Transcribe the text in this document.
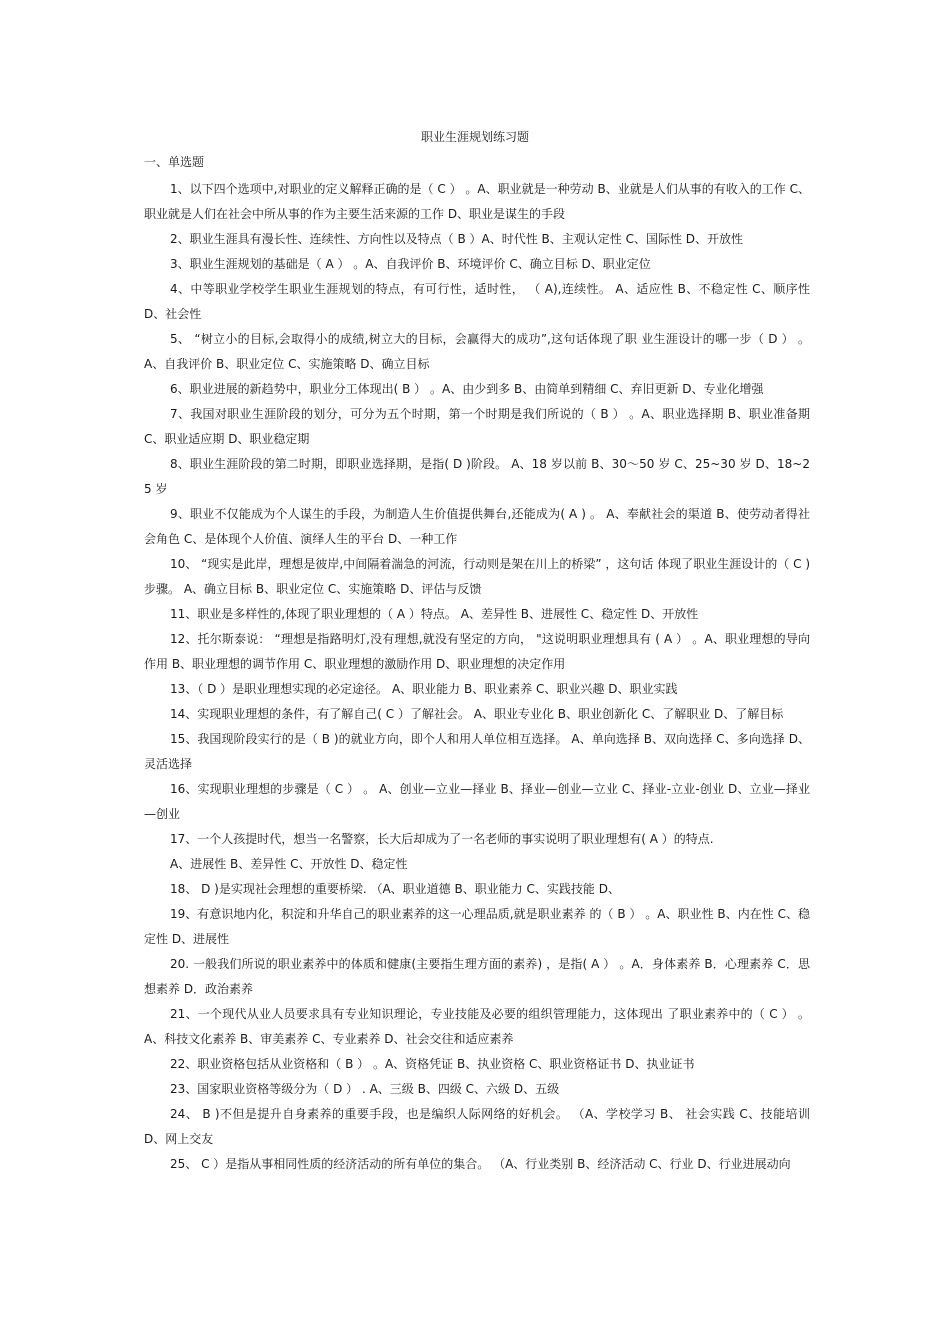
职业生涯规划练习题
一、单选题

1、以下四个选项中,对职业的定义解释正确的是（ C ） 。A、职业就是一种劳动 B、业就是人们从事的有收入的工作 C、职业就是人们在社会中所从事的作为主要生活来源的工作 D、职业是谋生的手段

2、职业生涯具有漫长性、连续性、方向性以及特点（ B ）A、时代性 B、主观认定性 C、国际性 D、开放性

3、职业生涯规划的基础是（ A ） 。A、自我评价 B、环境评价 C、确立目标 D、职业定位

4、中等职业学校学生职业生涯规划的特点，有可行性，适时性， （ A),连续性。 A、适应性 B、不稳定性 C、顺序性 D、社会性

5、 “树立小的目标,会取得小的成绩,树立大的目标，会赢得大的成功”,这句话体现了职 业生涯设计的哪一步（ D ） 。A、自我评价 B、职业定位 C、实施策略 D、确立目标

6、职业进展的新趋势中，职业分工体现出( B ） 。A、由少到多 B、由简单到精细 C、弃旧更新 D、专业化增强

7、我国对职业生涯阶段的划分，可分为五个时期，第一个时期是我们所说的（ B ） 。A、职业选择期 B、职业准备期 C、职业适应期 D、职业稳定期

8、职业生涯阶段的第二时期，即职业选择期，是指( D )阶段。 A、18 岁以前 B、30～50 岁 C、25~30 岁 D、18~25 岁

9、职业不仅能成为个人谋生的手段，为制造人生价值提供舞台,还能成为( A ) 。 A、奉献社会的渠道 B、使劳动者得社会角色 C、是体现个人价值、演绎人生的平台 D、一种工作

10、 “现实是此岸，理想是彼岸,中间隔着湍急的河流，行动则是架在川上的桥梁” ，这句话 体现了职业生涯设计的（ C )步骤。 A、确立目标 B、职业定位 C、实施策略 D、评估与反馈

11、职业是多样性的,体现了职业理想的（ A ）特点。 A、差异性 B、进展性 C、稳定性 D、开放性

12、托尔斯泰说： “理想是指路明灯,没有理想,就没有坚定的方向， "这说明职业理想具有 ( A ） 。A、职业理想的导向作用 B、职业理想的调节作用 C、职业理想的激励作用 D、职业理想的决定作用

13、（ D ）是职业理想实现的必定途径。 A、职业能力 B、职业素养 C、职业兴趣 D、职业实践

14、实现职业理想的条件，有了解自己( C ）了解社会。 A、职业专业化 B、职业创新化 C、了解职业 D、了解目标

15、我国现阶段实行的是（ B )的就业方向，即个人和用人单位相互选择。 A、单向选择 B、双向选择 C、多向选择 D、灵活选择

16、实现职业理想的步骤是（ C ） 。 A、创业—立业—择业 B、择业—创业—立业 C、择业-立业-创业 D、立业—择业—创业

17、一个人孩提时代，想当一名警察，长大后却成为了一名老师的事实说明了职业理想有( A ）的特点.

A、进展性 B、差异性 C、开放性 D、稳定性

18、 D )是实现社会理想的重要桥梁. （A、职业道德 B、职业能力 C、实践技能 D、

19、有意识地内化，积淀和升华自己的职业素养的这一心理品质,就是职业素养 的（ B ） 。A、职业性 B、内在性 C、稳定性 D、进展性

20. 一般我们所说的职业素养中的体质和健康(主要指生理方面的素养) ，是指( A ） 。A．身体素养 B．心理素养 C．思想素养 D．政治素养

21、一个现代从业人员要求具有专业知识理论，专业技能及必要的组织管理能力，这体现出 了职业素养中的（ C ） 。A、科技文化素养 B、审美素养 C、专业素养 D、社会交往和适应素养

22、职业资格包括从业资格和（ B ） 。A、资格凭证 B、执业资格 C、职业资格证书 D、执业证书

23、国家职业资格等级分为（ D ） . A、三级 B、四级 C、六级 D、五级

24、 B )不但是提升自身素养的重要手段，也是编织人际网络的好机会。 （A、学校学习 B、 社会实践 C、技能培训 D、网上交友

25、 C ）是指从事相同性质的经济活动的所有单位的集合。 （A、行业类别 B、经济活动 C、行业 D、行业进展动向
